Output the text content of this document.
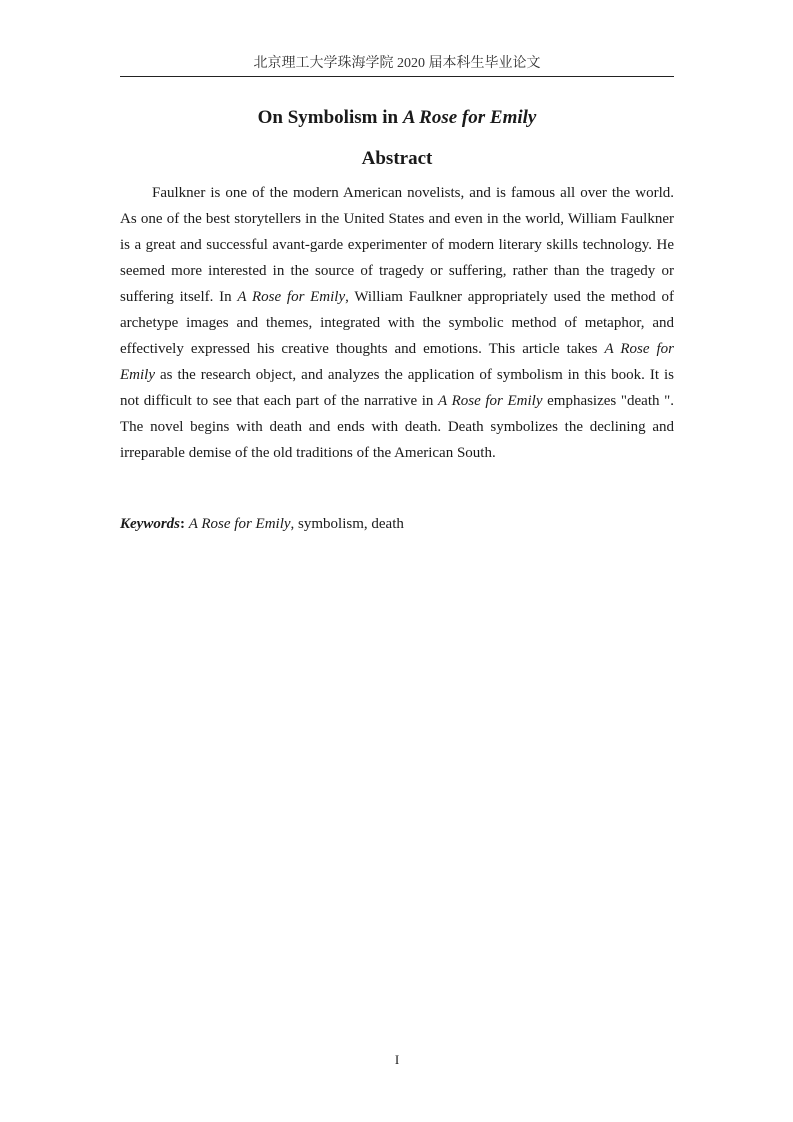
北京理工大学珠海学院 2020 届本科生毕业论文
On Symbolism in A Rose for Emily
Abstract

Faulkner is one of the modern American novelists, and is famous all over the world. As one of the best storytellers in the United States and even in the world, William Faulkner is a great and successful avant-garde experimenter of modern literary skills technology. He seemed more interested in the source of tragedy or suffering, rather than the tragedy or suffering itself. In A Rose for Emily, William Faulkner appropriately used the method of archetype images and themes, integrated with the symbolic method of metaphor, and effectively expressed his creative thoughts and emotions. This article takes A Rose for Emily as the research object, and analyzes the application of symbolism in this book. It is not difficult to see that each part of the narrative in A Rose for Emily emphasizes "death ". The novel begins with death and ends with death. Death symbolizes the declining and irreparable demise of the old traditions of the American South.

Keywords: A Rose for Emily, symbolism, death

I
